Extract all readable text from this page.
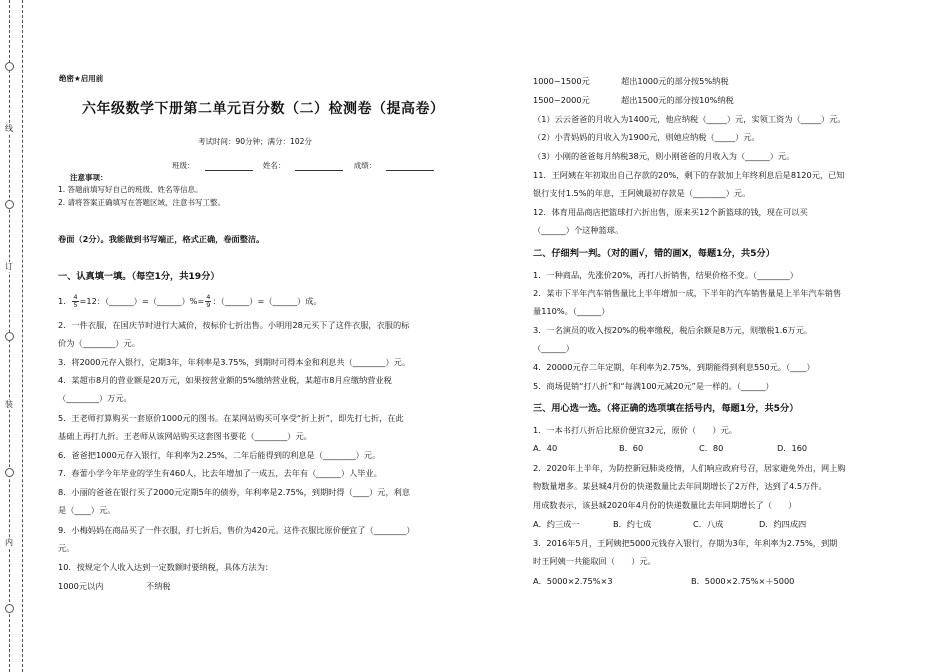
线
订
装
内
绝密★启用前
六年级数学下册第二单元百分数（二）检测卷（提高卷）
考试时间：90分钟；满分：102分
班级：	姓名：	成绩：
注意事项：
1. 答题前填写好自己的班级、姓名等信息。
2. 请将答案正确填写在答题区域，注意书写工整。
卷面（2分）。我能做到书写端正，格式正确，卷面整洁。
一、认真填一填。（每空1分，共19分）
1． $\frac{4}{5} =12$：（______）=（______）%= $\frac{4}{9}$ ：（______）=（______）成。
2．一件衣服，在国庆节时进行大减价，按标价七折出售。小明用28元买下了这件衣服，衣服的标
价为（________）元。
3．将2000元存入银行，定期3年，年利率是3.75%，到期时可得本金和利息共（________）元。
4．某超市8月的营业额是20万元，如果按营业额的5%缴纳营业税，某超市8月应缴纳营业税
（________）万元。
5．王老师打算购买一套原价1000元的图书。在某网站购买可享受“折上折”，即先打七折，在此
基础上再打九折。王老师从该网站购买这套图书要花（________）元。
6．爸爸把1000元存入银行，年利率为2.25%，二年后能得到的利息是（________）元。
7．春蕾小学今年毕业的学生有460人，比去年增加了一成五，去年有（______）人毕业。
8．小丽的爸爸在银行买了2000元定期5年的债券，年利率是2.75%，到期时得（____）元，利息
是（____）元。
9．小梅妈妈在商品买了一件衣服，打七折后，售价为420元。这件衣服比原价便宜了（________）
元。
10．按规定个人收入达到一定数额时要纳税，具体方法为：
1000元以内	不纳税
1000~1500元	超出1000元的部分按5%纳税
1500~2000元	超出1500元的部分按10%纳税
（1）云云爸爸的月收入为1400元，他应纳税（_____）元，实领工资为（_____）元。
（2）小青妈妈的月收入为1900元，则她应纳税（_____）元。
（3）小刚的爸爸每月纳税38元，则小刚爸爸的月收入为（______）元。
11．王阿姨在年初取出自己存款的20%，剩下的存款加上年终利息后是8120元，已知
银行支付1.5%的年息，王阿姨最初存款是（________）元。
12．体育用品商店把篮球打六折出售，原来买12个新篮球的钱，现在可以买
（______）个这种篮球。
二、仔细判一判。（对的画√，错的画X，每题1分，共5分）
1．一种商品，先涨价20%，再打八折销售，结果价格不变。（________）
2．某市下半年汽车销售量比上半年增加一成，下半年的汽车销售量是上半年汽车销售
量110%。（______）
3．一名演员的收入按20%的税率缴税，税后余额是8万元，则缴税1.6万元。
（______）
4．20000元存二年定期，年利率为2.75%，到期能得到利息550元。（____）
5．商场促销“打八折”和“每满100元减20元”是一样的。（______）
三、用心选一选。（将正确的选项填在括号内，每题1分，共5分）
1．一本书打八折后比原价便宜32元，原价（　　）元。
A．40	B．60	C．80	D．160
2．2020年上半年，为防控新冠肺炎疫情，人们响应政府号召，居家避免外出，网上购
物数量增多。某县城4月份的快递数量比去年同期增长了2万件，达到了4.5万件。
用成数表示，该县城2020年4月份的快递数量比去年同期增长了（　　）
A．约三成一	B．约七成	C．八成	D．约四成四
3．2016年5月，王阿姨把5000元钱存入银行，存期为3年，年利率为2.75%，到期
时王阿姨一共能取回（　　）元。
A．5000×2.75%×3	B．5000×2.75%×＋5000
